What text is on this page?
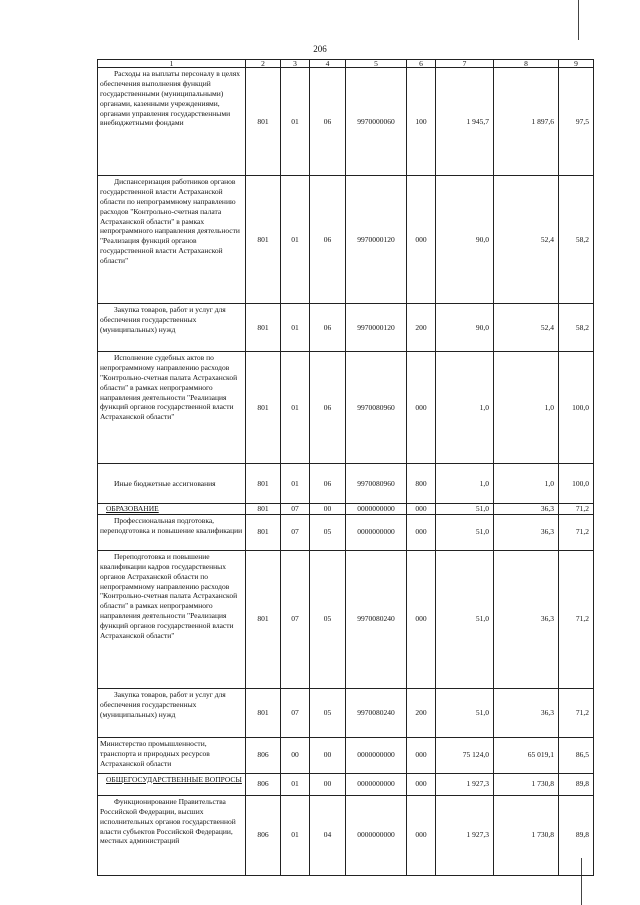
206
1	2	3	4	5	6	7	8	9

Расходы на выплаты персоналу в целях обеспечения выполнения функций государственными (муниципальными) органами, казенными учреждениями, органами управления государственными внебюджетными фондами	801	01	06	9970000060	100	1 945,7	1 897,6	97,5

Диспансеризация работников органов государственной власти Астраханской области по непрограммному направлению расходов "Контрольно-счетная палата Астраханской области" в рамках непрограммного направления деятельности "Реализация функций органов государственной власти Астраханской области"	801	01	06	9970000120	000	90,0	52,4	58,2

Закупка товаров, работ и услуг для обеспечения государственных (муниципальных) нужд	801	01	06	9970000120	200	90,0	52,4	58,2

Исполнение судебных актов по непрограммному направлению расходов "Контрольно-счетная палата Астраханской области" в рамках непрограммного направления деятельности "Реализация функций органов государственной власти Астраханской области"	801	01	06	9970080960	000	1,0	1,0	100,0

Иные бюджетные ассигнования	801	01	06	9970080960	800	1,0	1,0	100,0

ОБРАЗОВАНИЕ	801	07	00	0000000000	000	51,0	36,3	71,2

Профессиональная подготовка, переподготовка и повышение квалификации	801	07	05	0000000000	000	51,0	36,3	71,2

Переподготовка и повышение квалификации кадров государственных органов Астраханской области по непрограммному направлению расходов "Контрольно-счетная палата Астраханской области" в рамках непрограммного направления деятельности "Реализация функций органов государственной власти Астраханской области"	801	07	05	9970080240	000	51,0	36,3	71,2

Закупка товаров, работ и услуг для обеспечения государственных (муниципальных) нужд	801	07	05	9970080240	200	51,0	36,3	71,2

Министерство промышленности, транспорта и природных ресурсов Астраханской области	806	00	00	0000000000	000	75 124,0	65 019,1	86,5

ОБЩЕГОСУДАРСТВЕННЫЕ ВОПРОСЫ	806	01	00	0000000000	000	1 927,3	1 730,8	89,8

Функционирование Правительства Российской Федерации, высших исполнительных органов государственной власти субъектов Российской Федерации, местных администраций	806	01	04	0000000000	000	1 927,3	1 730,8	89,8
